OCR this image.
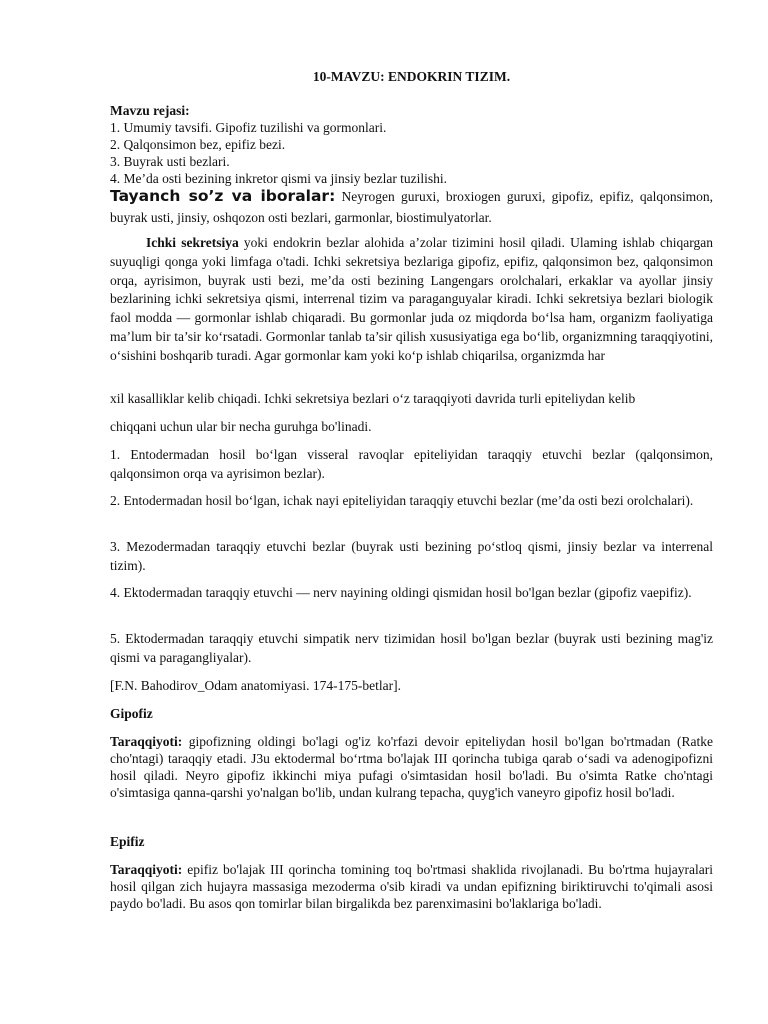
10-MAVZU: ENDOKRIN TIZIM.
Mavzu rejasi:
1. Umumiy tavsifi. Gipofiz tuzilishi va gormonlari.
2. Qalqonsimon bez, epifiz bezi.
3. Buyrak usti bezlari.
4. Me’da osti bezining inkretor qismi va jinsiy bezlar tuzilishi.
Tayanch so’z va iboralar: Neyrogen guruxi, broxiogen guruxi, gipofiz, epifiz, qalqonsimon, buyrak usti, jinsiy, oshqozon osti bezlari, garmonlar, biostimulyatorlar.

Ichki sekretsiya yoki endokrin bezlar alohida a’zolar tizimini hosil qiladi. Ulaming ishlab chiqargan suyuqligi qonga yoki limfaga o'tadi. Ichki sekretsiya bezlariga gipofiz, epifiz, qalqonsimon bez, qalqonsimon orqa, ayrisimon, buyrak usti bezi, me’da osti bezining Langengars orolchalari, erkaklar va ayollar jinsiy bezlarining ichki sekretsiya qismi, interrenal tizim va paraganguyalar kiradi. Ichki sekretsiya bezlari biologik faol modda — gormonlar ishlab chiqaradi. Bu gormonlar juda oz miqdorda bo‘lsa ham, organizm faoliyatiga ma’lum bir ta’sir ko‘rsatadi. Gormonlar tanlab ta’sir qilish xususiyatiga ega bo‘lib, organizmning taraqqiyotini, o‘sishini boshqarib turadi. Agar gormonlar kam yoki ko‘p ishlab chiqarilsa, organizmda har

xil kasalliklar kelib chiqadi. Ichki sekretsiya bezlari o‘z taraqqiyoti davrida turli epiteliydan kelib

chiqqani uchun ular bir necha guruhga bo'linadi.

1. Entodermadan hosil bo‘lgan visseral ravoqlar epiteliyidan taraqqiy etuvchi bezlar (qalqonsimon, qalqonsimon orqa va ayrisimon bezlar).

2. Entodermadan hosil bo‘lgan, ichak nayi epiteliyidan taraqqiy etuvchi bezlar (me’da osti bezi orolchalari).

3. Mezodermadan taraqqiy etuvchi bezlar (buyrak usti bezining po‘stloq qismi, jinsiy bezlar va interrenal tizim).

4. Ektodermadan taraqqiy etuvchi — nerv nayining oldingi qismidan hosil bo'lgan bezlar (gipofiz vaepifiz).

5. Ektodermadan taraqqiy etuvchi simpatik nerv tizimidan hosil bo'lgan bezlar (buyrak usti bezining mag'iz qismi va paragangliyalar).

[F.N. Bahodirov_Odam anatomiyasi. 174-175-betlar].

Gipofiz

Taraqqiyoti: gipofizning oldingi bo'lagi og'iz ko'rfazi devoir epiteliydan hosil bo'lgan bo'rtmadan (Ratke cho'ntagi) taraqqiy etadi. J3u ektodermal bo‘rtma bo'lajak III qorincha tubiga qarab o‘sadi va adenogipofizni hosil qiladi. Neyro gipofiz ikkinchi miya pufagi o'simtasidan hosil bo'ladi. Bu o'simta Ratke cho'ntagi o'simtasiga qanna-qarshi yo'nalgan bo'lib, undan kulrang tepacha, quyg'ich vaneyro gipofiz hosil bo'ladi.

Epifiz

Taraqqiyoti: epifiz bo'lajak III qorincha tomining toq bo'rtmasi shaklida rivojlanadi. Bu bo'rtma hujayralari hosil qilgan zich hujayra massasiga mezoderma o'sib kiradi va undan epifizning biriktiruvchi to'qimali asosi paydo bo'ladi. Bu asos qon tomirlar bilan birgalikda bez parenximasini bo'laklariga bo'ladi.
